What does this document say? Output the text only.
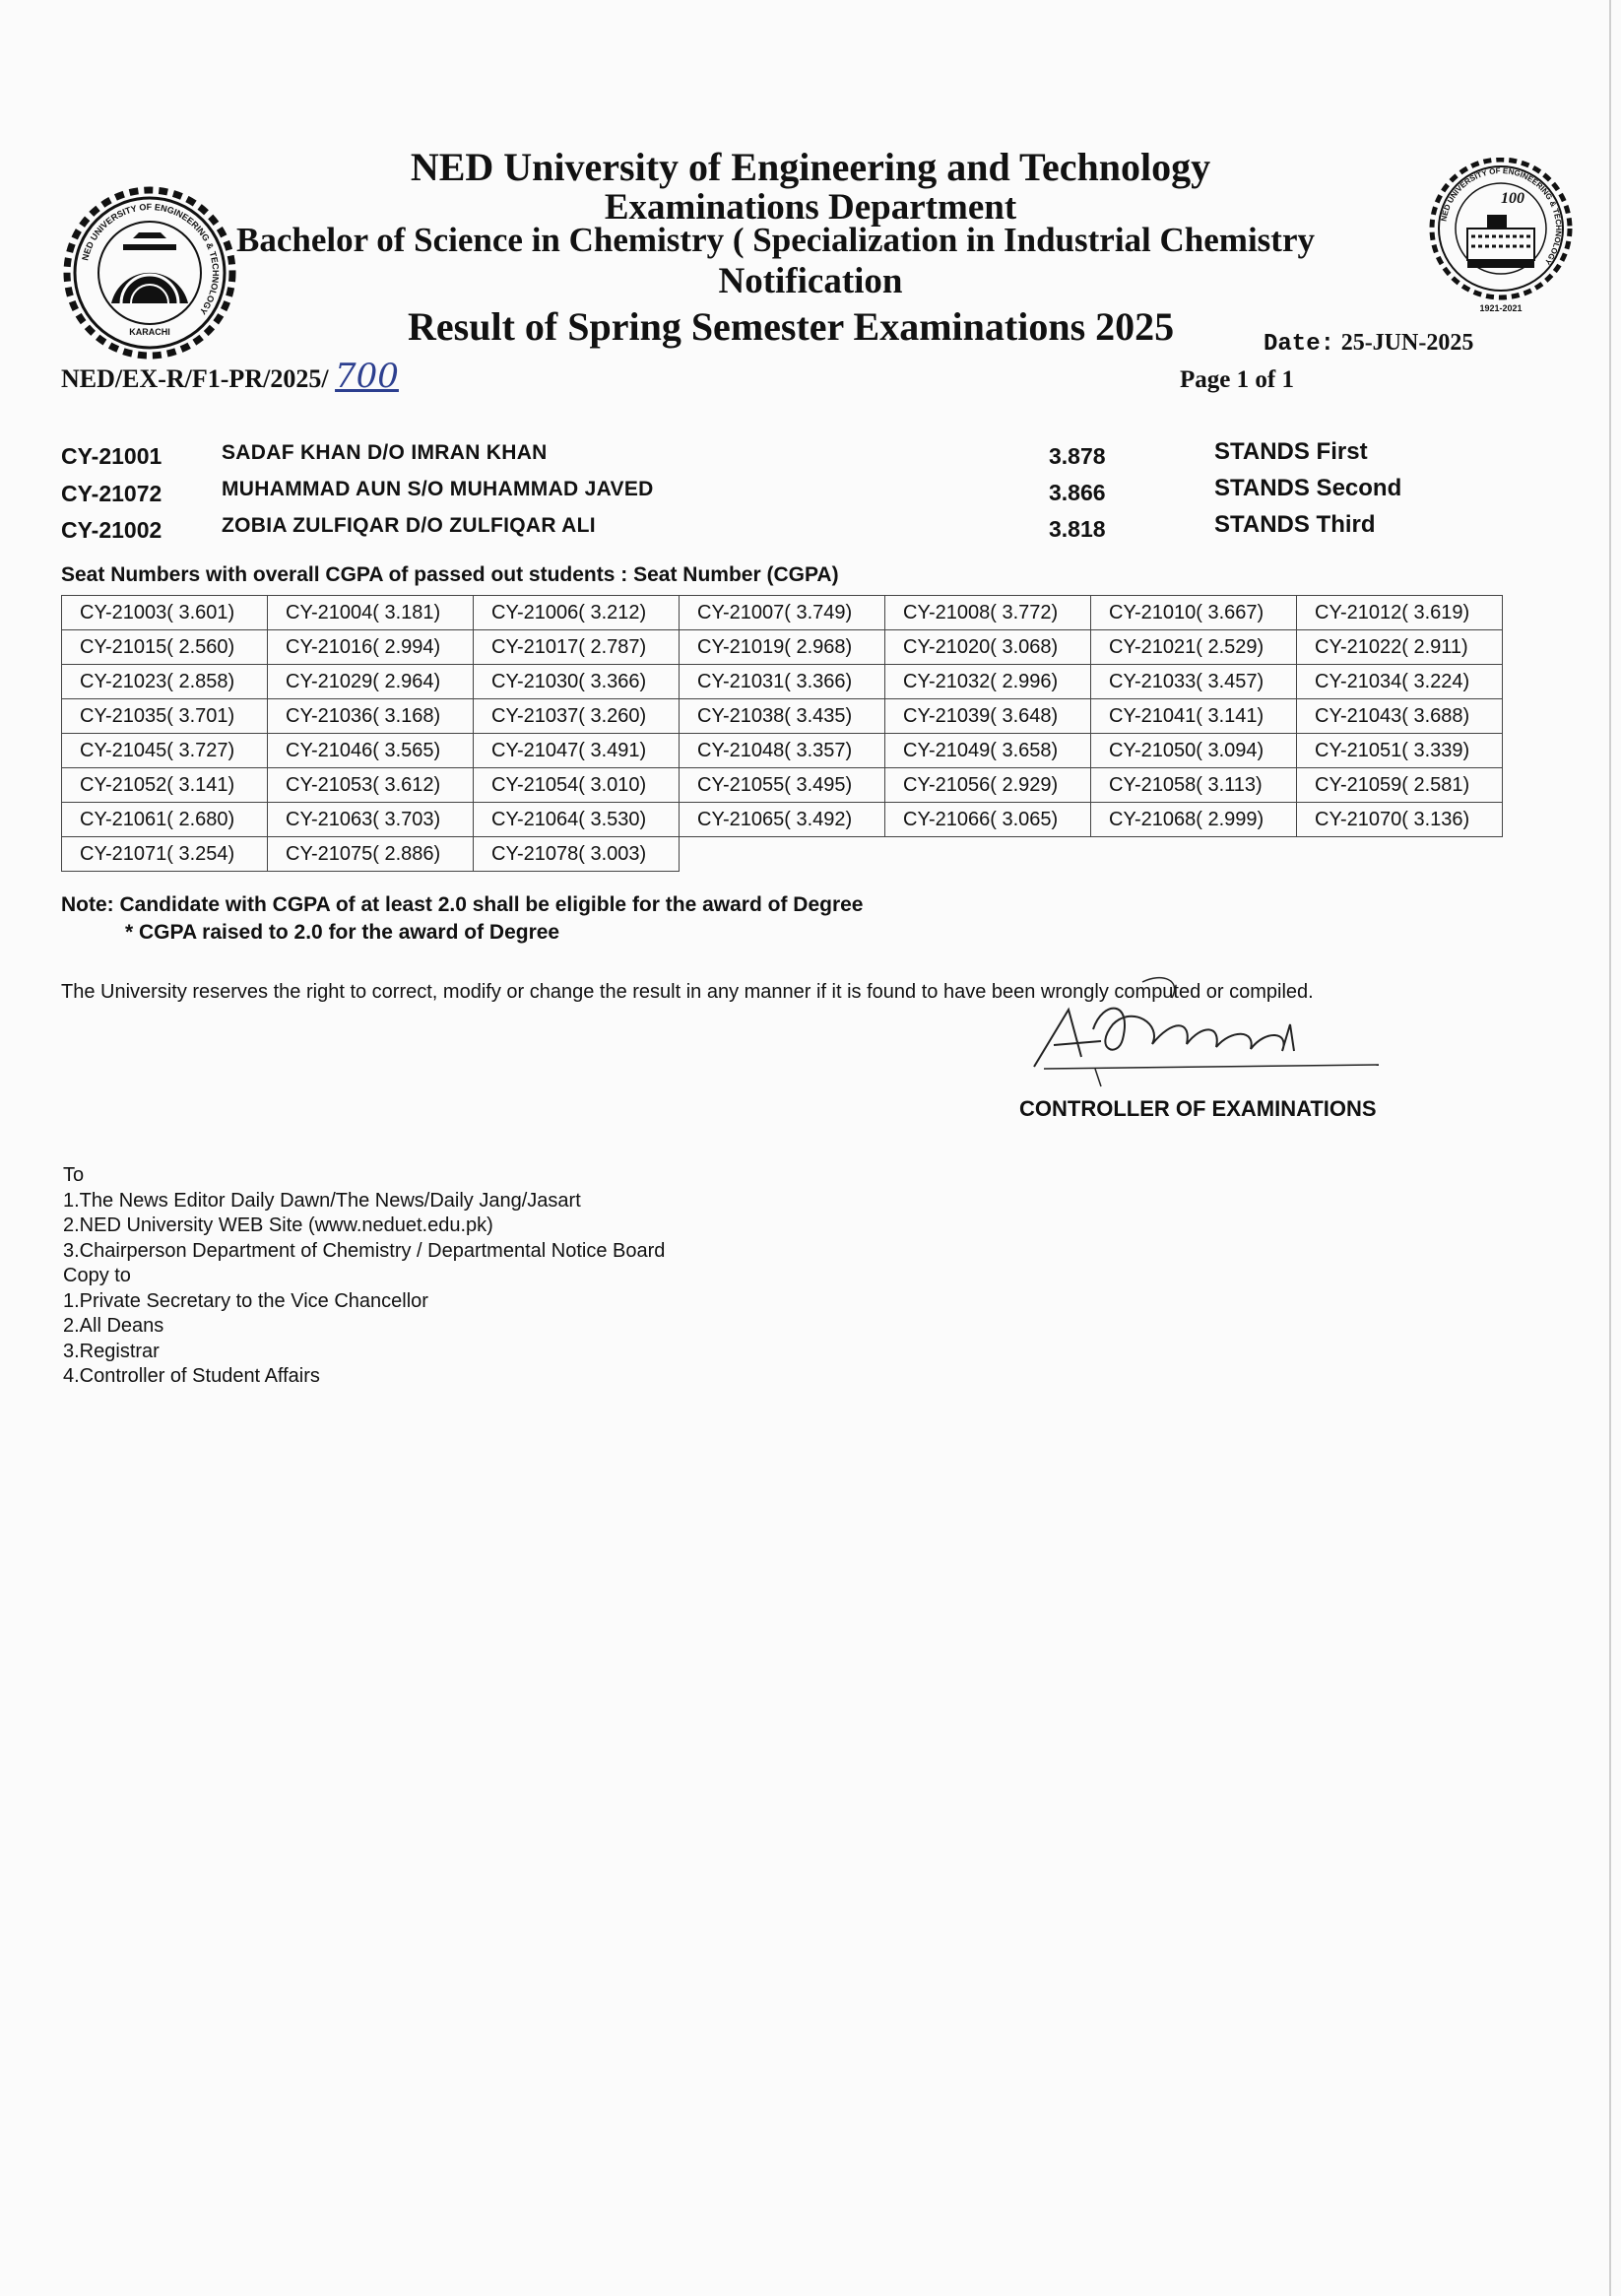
NED UNIVERSITY OF ENGINEERING & TECHNOLOGY
KARACHI
NED UNIVERSITY OF ENGINEERING & TECHNOLOGY
100
1921-2021
NED University of Engineering and Technology
Examinations Department
Bachelor of Science in Chemistry ( Specialization in Industrial Chemistry
Notification
Result of Spring Semester Examinations 2025	Date: 25-JUN-2025
NED/EX-R/F1-PR/2025/ 700	Page 1 of 1
CY-21001	SADAF KHAN D/O IMRAN KHAN	3.878	STANDS First
CY-21072	MUHAMMAD AUN S/O MUHAMMAD JAVED	3.866	STANDS Second
CY-21002	ZOBIA ZULFIQAR D/O ZULFIQAR ALI	3.818	STANDS Third
Seat Numbers with overall CGPA of passed out students : Seat Number (CGPA)
CY-21003( 3.601)	CY-21004( 3.181)	CY-21006( 3.212)	CY-21007( 3.749)	CY-21008( 3.772)	CY-21010( 3.667)	CY-21012( 3.619)
CY-21015( 2.560)	CY-21016( 2.994)	CY-21017( 2.787)	CY-21019( 2.968)	CY-21020( 3.068)	CY-21021( 2.529)	CY-21022( 2.911)
CY-21023( 2.858)	CY-21029( 2.964)	CY-21030( 3.366)	CY-21031( 3.366)	CY-21032( 2.996)	CY-21033( 3.457)	CY-21034( 3.224)
CY-21035( 3.701)	CY-21036( 3.168)	CY-21037( 3.260)	CY-21038( 3.435)	CY-21039( 3.648)	CY-21041( 3.141)	CY-21043( 3.688)
CY-21045( 3.727)	CY-21046( 3.565)	CY-21047( 3.491)	CY-21048( 3.357)	CY-21049( 3.658)	CY-21050( 3.094)	CY-21051( 3.339)
CY-21052( 3.141)	CY-21053( 3.612)	CY-21054( 3.010)	CY-21055( 3.495)	CY-21056( 2.929)	CY-21058( 3.113)	CY-21059( 2.581)
CY-21061( 2.680)	CY-21063( 3.703)	CY-21064( 3.530)	CY-21065( 3.492)	CY-21066( 3.065)	CY-21068( 2.999)	CY-21070( 3.136)
CY-21071( 3.254)	CY-21075( 2.886)	CY-21078( 3.003)				
Note: Candidate with CGPA of at least 2.0 shall be eligible for the award of Degree
* CGPA raised to 2.0 for the award of Degree
The University reserves the right to correct, modify or change the result in any manner if it is found to have been wrongly computed or compiled.
CONTROLLER OF EXAMINATIONS
To
1.The News Editor Daily Dawn/The News/Daily Jang/Jasart
2.NED University WEB Site (www.neduet.edu.pk)
3.Chairperson Department of Chemistry / Departmental Notice Board
Copy to
1.Private Secretary to the Vice Chancellor
2.All Deans
3.Registrar
4.Controller of Student Affairs
